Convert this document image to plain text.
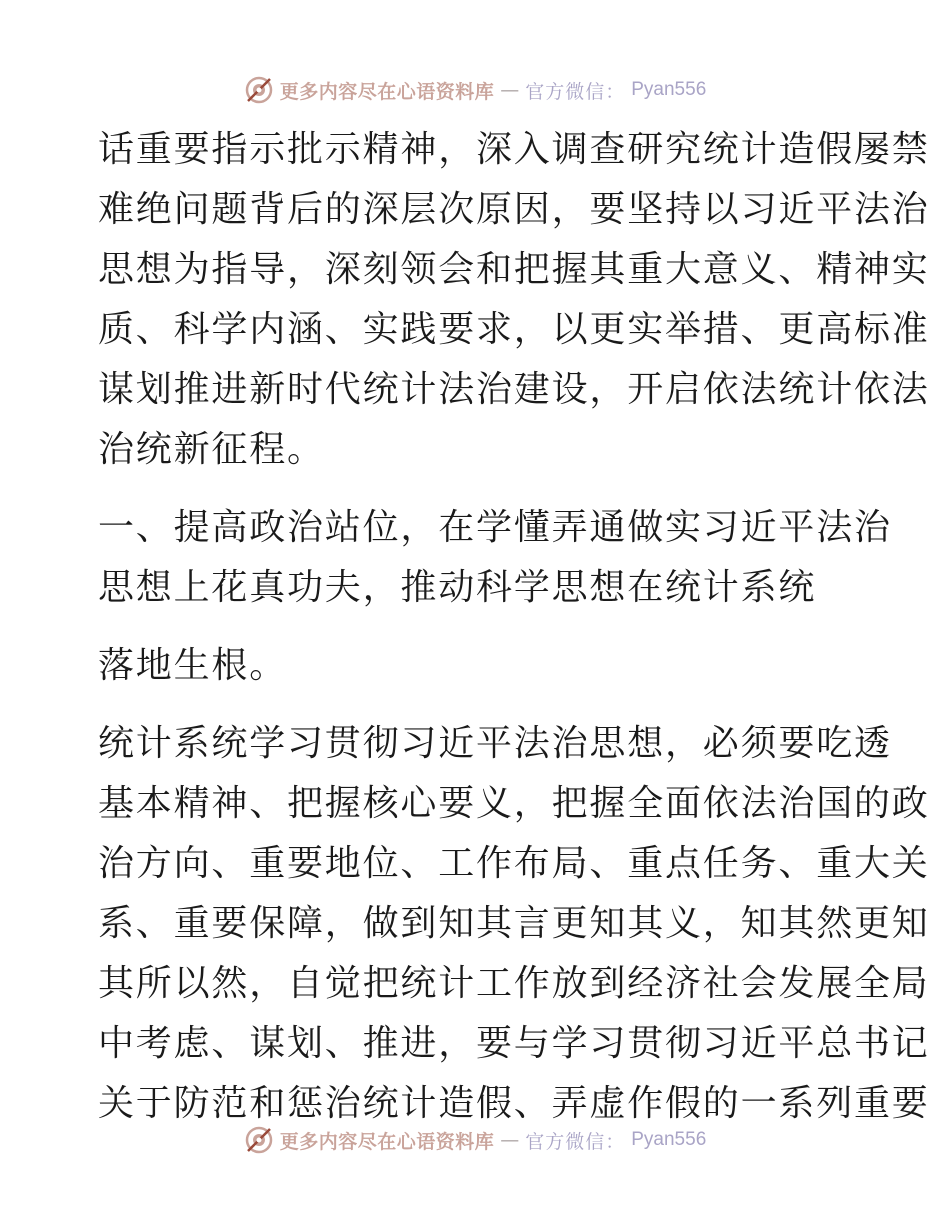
更多内容尽在心语资料库 — 官方微信： Pyan556
话重要指示批示精神，深入调查研究统计造假屡禁
难绝问题背后的深层次原因，要坚持以习近平法治
思想为指导，深刻领会和把握其重大意义、精神实
质、科学内涵、实践要求，以更实举措、更高标准
谋划推进新时代统计法治建设，开启依法统计依法
治统新征程。
一、提高政治站位，在学懂弄通做实习近平法治
思想上花真功夫，推动科学思想在统计系统
落地生根。
统计系统学习贯彻习近平法治思想，必须要吃透
基本精神、把握核心要义，把握全面依法治国的政
治方向、重要地位、工作布局、重点任务、重大关
系、重要保障，做到知其言更知其义，知其然更知
其所以然，自觉把统计工作放到经济社会发展全局
中考虑、谋划、推进，要与学习贯彻习近平总书记
关于防范和惩治统计造假、弄虚作假的一系列重要
更多内容尽在心语资料库 — 官方微信： Pyan556
